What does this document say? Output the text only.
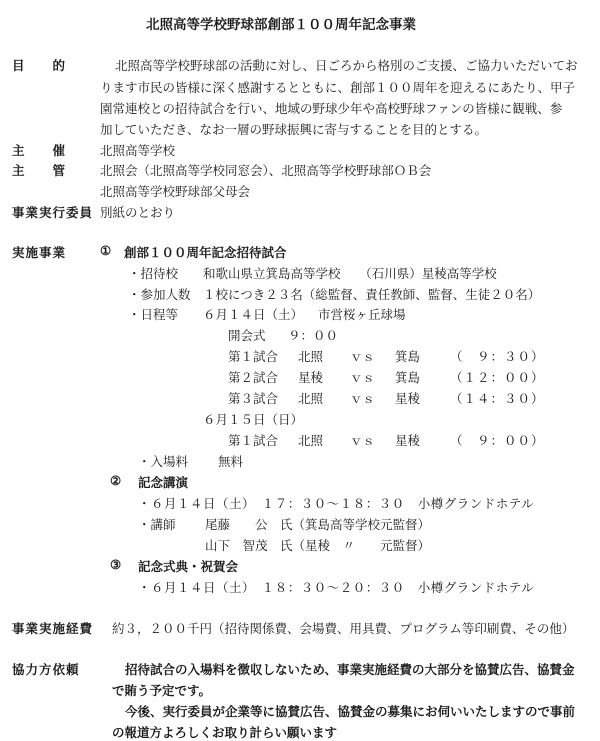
北照高等学校野球部創部１００周年記念事業
目　　的	北照高等学校野球部の活動に対し、日ごろから格別のご支援、ご協力いただいてお
ります市民の皆様に深く感謝するとともに、創部１００周年を迎えるにあたり、甲子
園常連校との招待試合を行い、地域の野球少年や高校野球ファンの皆様に観戦、参
加していただき、なお一層の野球振興に寄与することを目的とする。
主　　催	北照高等学校
主　　管	北照会（北照高等学校同窓会）、北照高等学校野球部ＯＢ会
北照高等学校野球部父母会
事業実行委員 別紙のとおり
実施事業	① 創部１００周年記念招待試合
・招待校 和歌山県立箕島高等学校　　（石川県）星稜高等学校
・参加人数 １校につき２３名（総監督、責任教師、監督、生徒２０名）
・日程等 ６月１４日（土） 市営桜ヶ丘球場
開会式 ９：００
第１試合 北照 ｖｓ 箕島 （　９：３０）
第２試合 星稜 ｖｓ 箕島 （１２：００）
第３試合 北照 ｖｓ 星稜 （１４：３０）
６月１５日（日）
第１試合 北照 ｖｓ 星稜 （　９：００）
・入場料 無料
② 記念講演
・６月１４日（土）　１７：３０～１８：３０　小樽グランドホテル
・講師 尾藤　　公　氏（箕島高等学校元監督）
山下　智茂　氏（星稜　〃　　元監督）
③ 記念式典・祝賀会
・６月１４日（土）　１８：３０～２０：３０　小樽グランドホテル
事業実施経費 約３，２００千円（招待関係費、会場費、用具費、プログラム等印刷費、その他）
協力方依頼	招待試合の入場料を徴収しないため、事業実施経費の大部分を協賛広告、協賛金
で賄う予定です。
今後、実行委員が企業等に協賛広告、協賛金の募集にお伺いいたしますので事前
の報道方よろしくお取り計らい願います
